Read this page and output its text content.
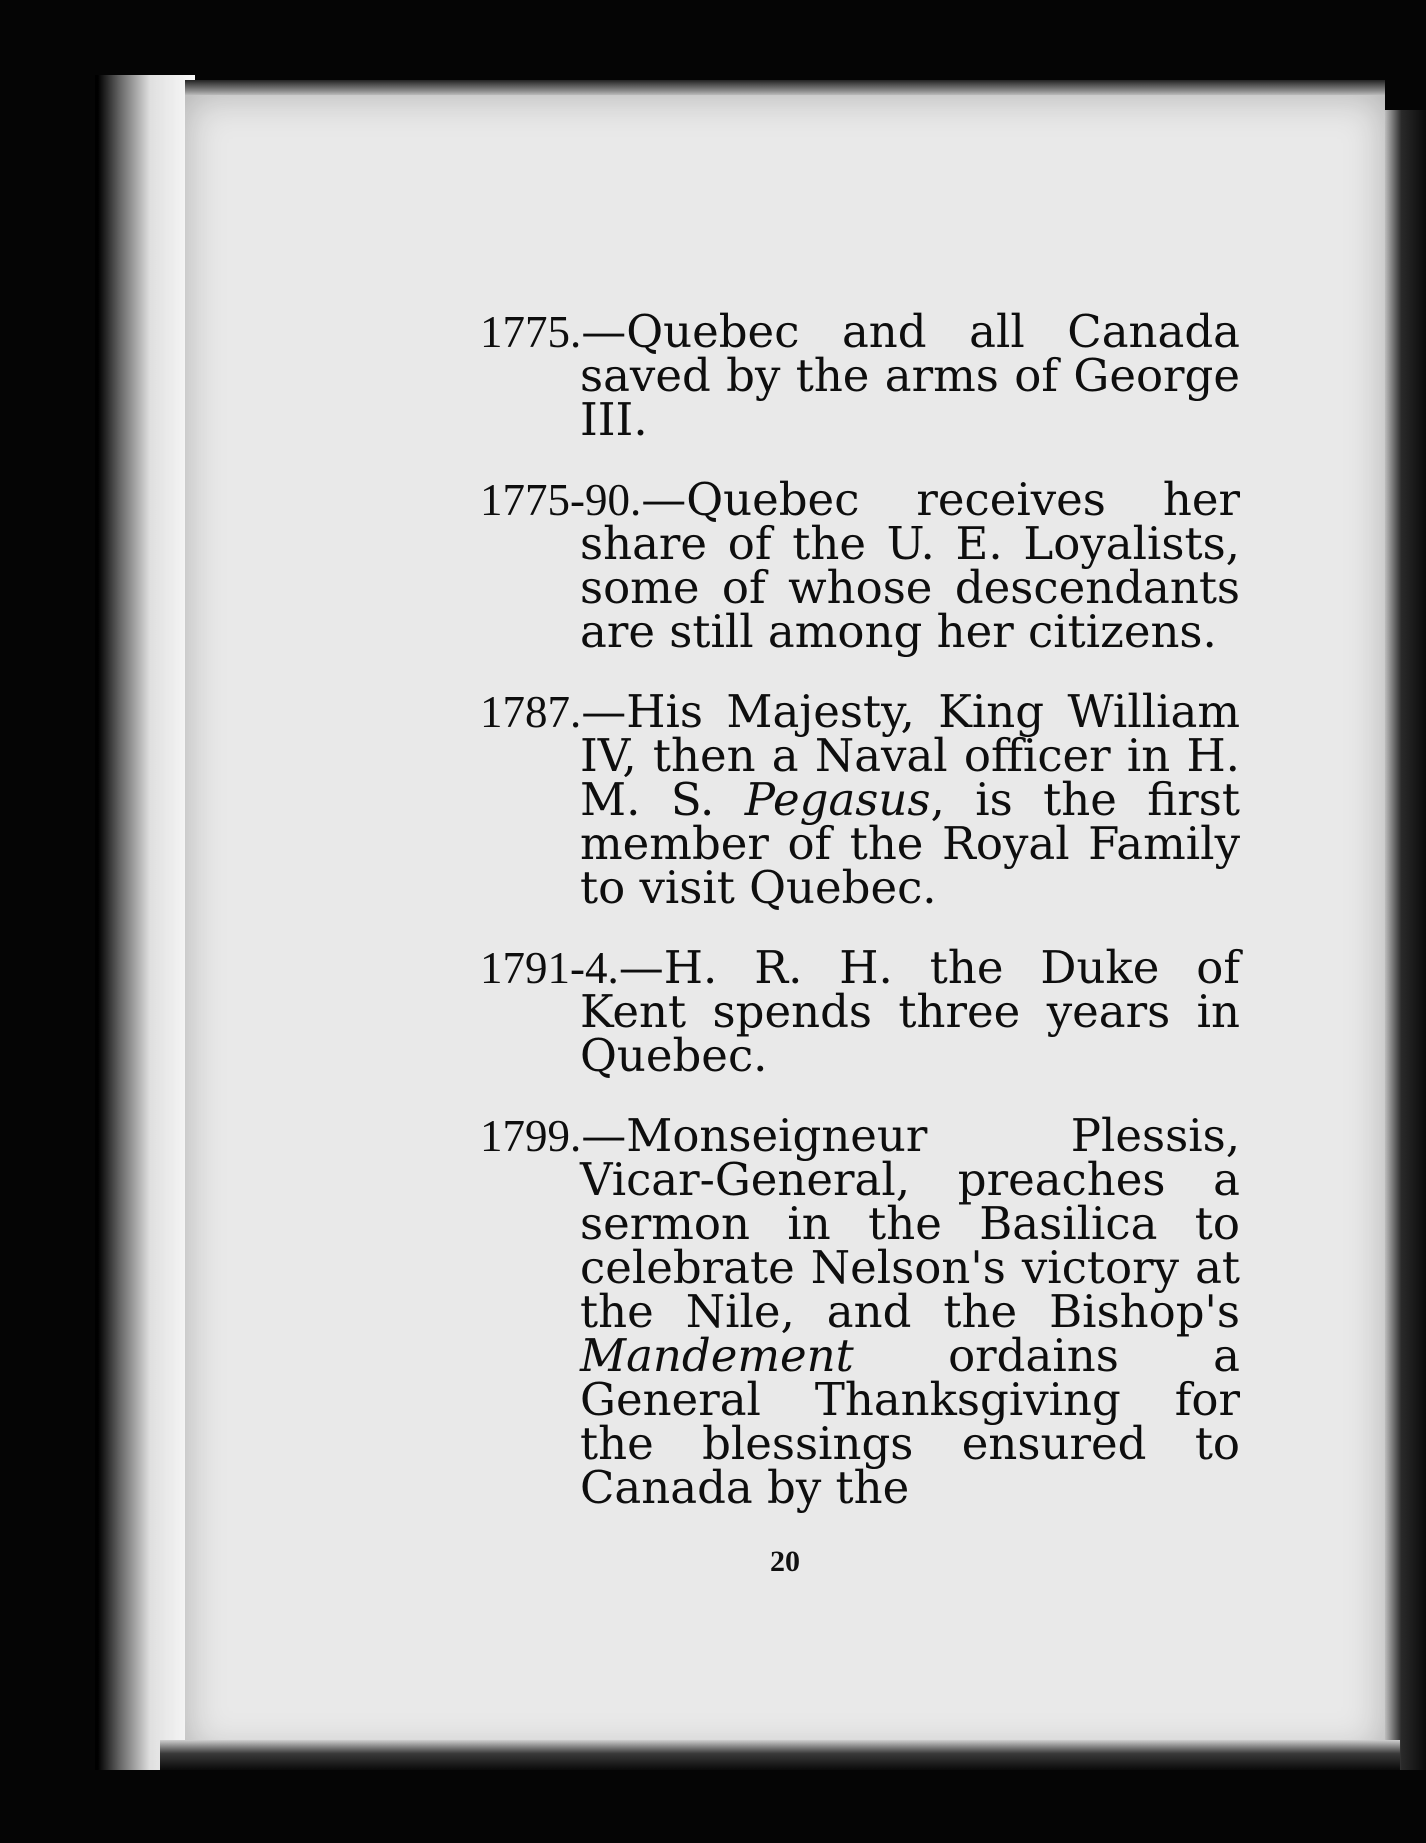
20

1775.—Quebec and all Canada saved by the arms of George III.

1775-90.—Quebec receives her share of the U. E. Loyalists, some of whose descendants are still among her citizens.

1787.—His Majesty, King William IV, then a Naval officer in H. M. S. Pegasus, is the first member of the Royal Family to visit Quebec.

1791-4.—H. R. H. the Duke of Kent spends three years in Quebec.

1799.—Monseigneur Plessis, Vicar-General, preaches a sermon in the Basilica to celebrate Nelson's victory at the Nile, and the Bishop's Mandement ordains a General Thanksgiving for the blessings ensured to Canada by the
